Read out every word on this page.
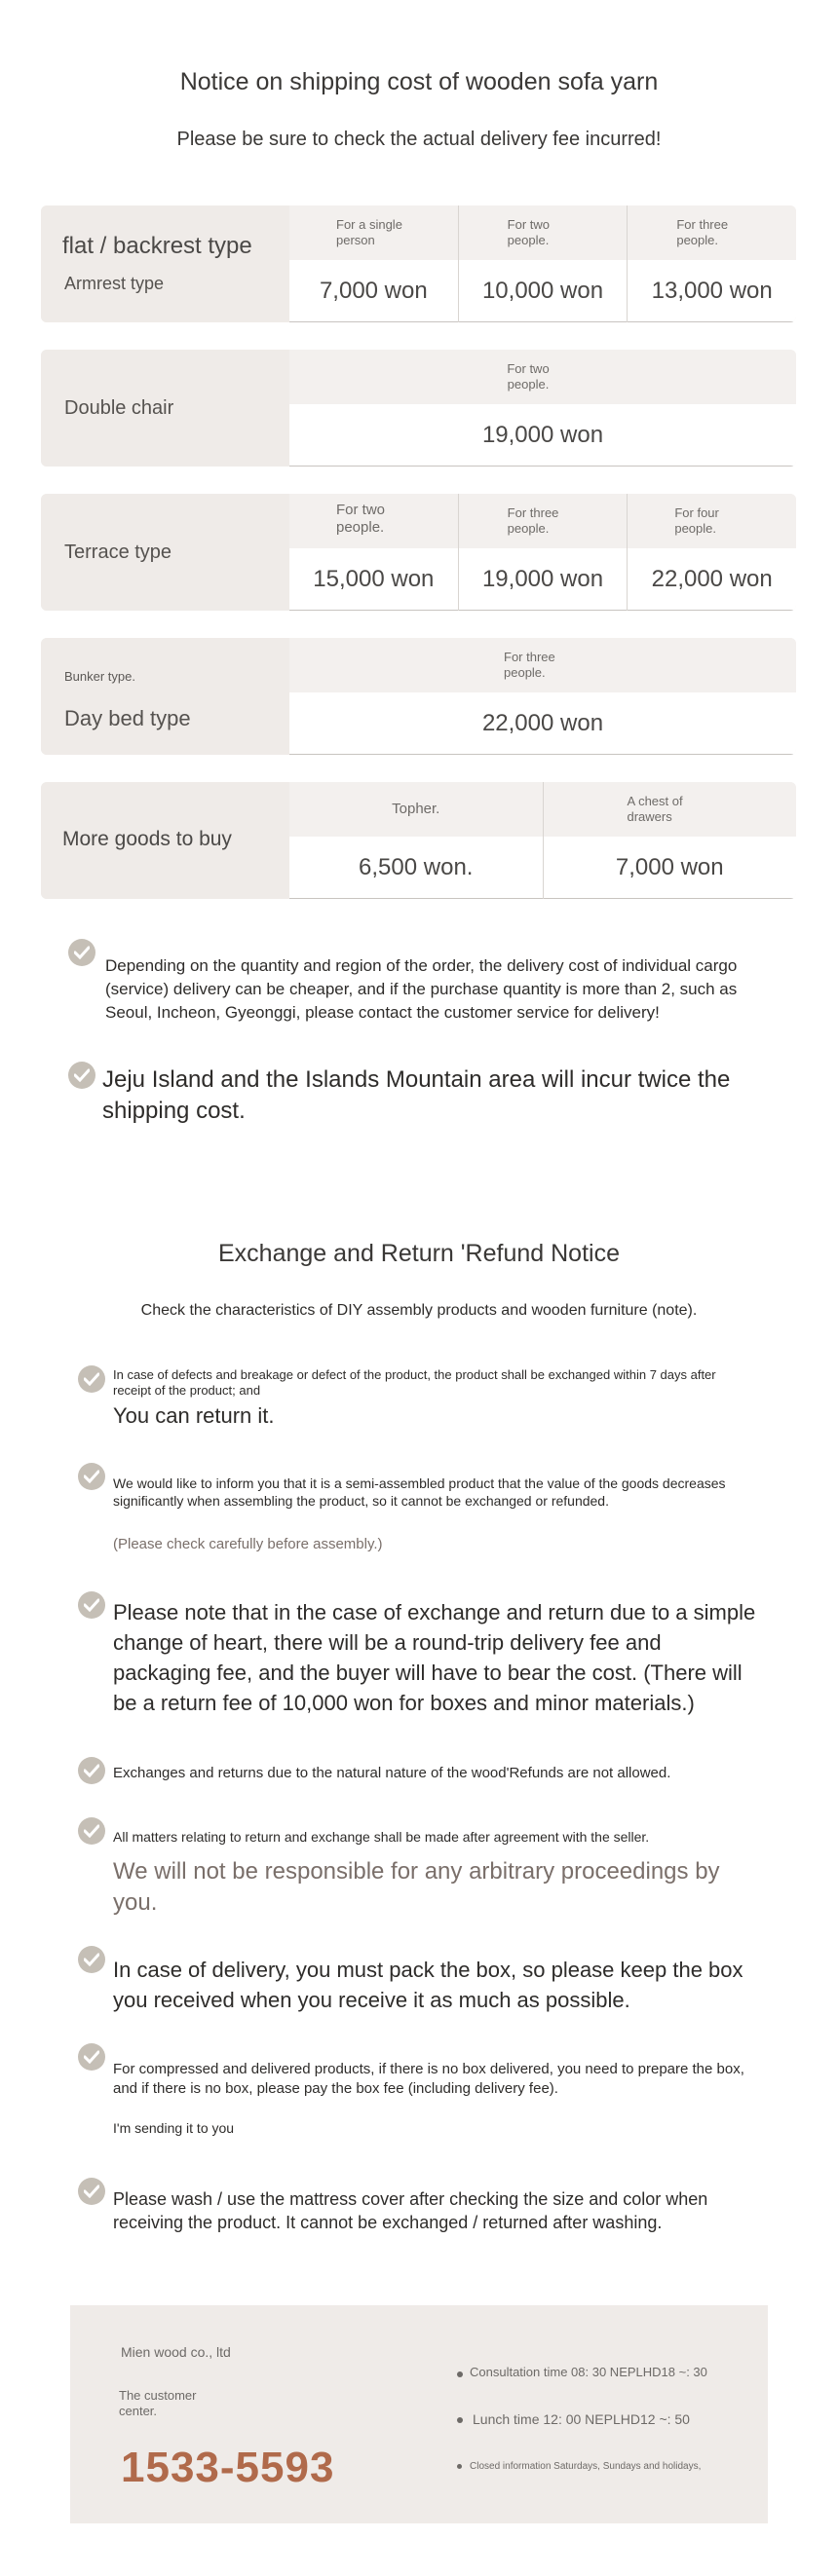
Notice on shipping cost of wooden sofa yarn
Please be sure to check the actual delivery fee incurred!
flat / backrest type
Armrest type
For a single person
7,000 won
For two people.
10,000 won
For three people.
13,000 won
Double chair
For two people.
19,000 won
Terrace type
For two people.
15,000 won
For three people.
19,000 won
For four people.
22,000 won
Bunker type.
Day bed type
For three people.
22,000 won
More goods to buy
Topher.
6,500 won.
A chest of drawers
7,000 won
Depending on the quantity and region of the order, the delivery cost of individual cargo (service) delivery can be cheaper, and if the purchase quantity is more than 2, such as Seoul, Incheon, Gyeonggi, please contact the customer service for delivery!
Jeju Island and the Islands Mountain area will incur twice the shipping cost.
Exchange and Return 'Refund Notice
Check the characteristics of DIY assembly products and wooden furniture (note).
In case of defects and breakage or defect of the product, the product shall be exchanged within 7 days after receipt of the product; and
You can return it.
We would like to inform you that it is a semi-assembled product that the value of the goods decreases significantly when assembling the product, so it cannot be exchanged or refunded.
(Please check carefully before assembly.)
Please note that in the case of exchange and return due to a simple change of heart, there will be a round-trip delivery fee and packaging fee, and the buyer will have to bear the cost. (There will be a return fee of 10,000 won for boxes and minor materials.)
Exchanges and returns due to the natural nature of the wood'Refunds are not allowed.
All matters relating to return and exchange shall be made after agreement with the seller.
We will not be responsible for any arbitrary proceedings by you.
In case of delivery, you must pack the box, so please keep the box you received when you receive it as much as possible.
For compressed and delivered products, if there is no box delivered, you need to prepare the box, and if there is no box, please pay the box fee (including delivery fee).
I'm sending it to you
Please wash / use the mattress cover after checking the size and color when receiving the product. It cannot be exchanged / returned after washing.
Mien wood co., ltd
The customer center.
1533-5593
Consultation time 08: 30 NEPLHD18 ~: 30
Lunch time 12: 00 NEPLHD12 ~: 50
Closed information Saturdays, Sundays and holidays,
